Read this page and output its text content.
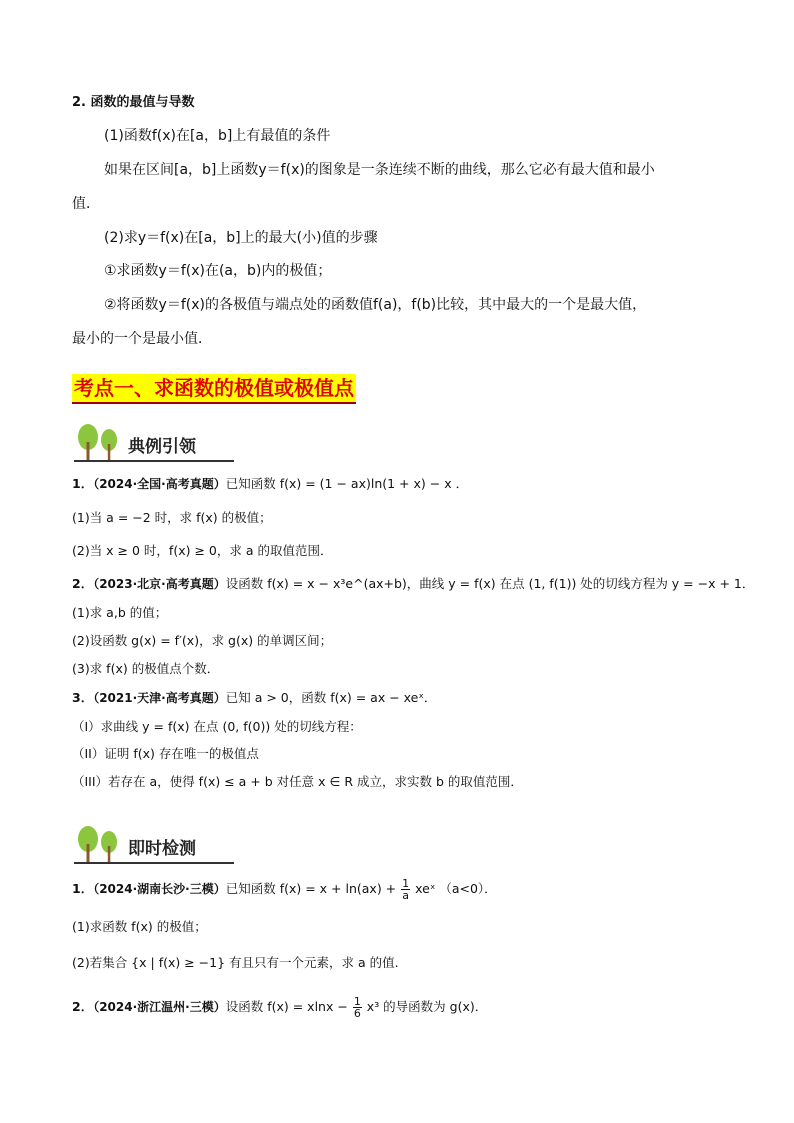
2. 函数的最值与导数
(1)函数f(x)在[a，b]上有最值的条件
如果在区间[a，b]上函数y＝f(x)的图象是一条连续不断的曲线，那么它必有最大值和最小
值．
(2)求y＝f(x)在[a，b]上的最大(小)值的步骤
①求函数y＝f(x)在(a，b)内的极值；
②将函数y＝f(x)的各极值与端点处的函数值f(a)，f(b)比较，其中最大的一个是最大值，
最小的一个是最小值．
考点一、求函数的极值或极值点
典例引领
1．（2024·全国·高考真题）已知函数 f(x) = (1 − ax)ln(1 + x) − x ．
(1)当 a = −2 时，求 f(x) 的极值；
(2)当 x ≥ 0 时，f(x) ≥ 0，求 a 的取值范围．
2．（2023·北京·高考真题）设函数 f(x) = x − x³e^(ax+b)，曲线 y = f(x) 在点 (1, f(1)) 处的切线方程为 y = −x + 1．
(1)求 a,b 的值；
(2)设函数 g(x) = f′(x)，求 g(x) 的单调区间；
(3)求 f(x) 的极值点个数．
3．（2021·天津·高考真题）已知 a > 0，函数 f(x) = ax − xeˣ．
（I）求曲线 y = f(x) 在点 (0, f(0)) 处的切线方程：
（II）证明 f(x) 存在唯一的极值点
（III）若存在 a，使得 f(x) ≤ a + b 对任意 x ∈ R 成立，求实数 b 的取值范围．
即时检测
1．（2024·湖南长沙·三模）已知函数 $f(x) = x + \ln(ax) + \frac{1}{a}$ xeˣ （a<0）．
(1)求函数 f(x) 的极值；
(2)若集合 {x | f(x) ≥ −1} 有且只有一个元素，求 a 的值.
2．（2024·浙江温州·三模）设函数 $f(x) = xlnx - \frac{1}{6} x^3$ 的导函数为 g(x)．
